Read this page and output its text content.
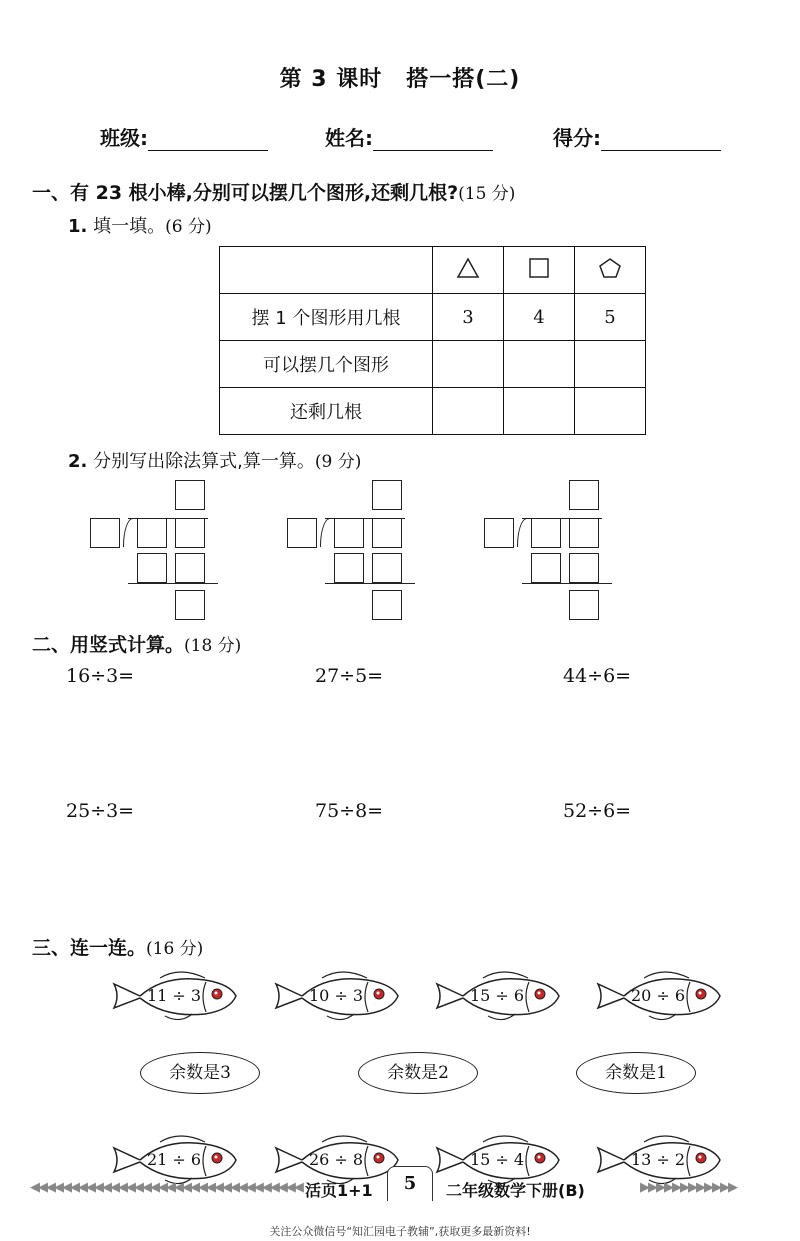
第 3 课时 搭一搭(二)
班级:	姓名:	得分:
一、有 23 根小棒,分别可以摆几个图形,还剩几根?(15 分)
1. 填一填。(6 分)

摆 1 个图形用几根	3	4	5
可以摆几个图形			
还剩几根			
2. 分别写出除法算式,算一算。(9 分)
二、用竖式计算。(18 分)
16÷3=	27÷5=	44÷6=
25÷3=	75÷8=	52÷6=
三、连一连。(16 分)
11 ÷ 3	10 ÷ 3	15 ÷ 6	20 ÷ 6
余数是3	余数是2	余数是1
21 ÷ 6	26 ÷ 8	15 ÷ 4	13 ÷ 2
◀◀◀◀◀◀◀◀◀◀◀◀◀◀◀◀◀◀◀◀◀◀◀◀◀◀◀◀◀◀◀◀◀◀ 活页1+1	5	二年级数学下册(B)	▶▶▶▶▶▶▶▶▶▶▶▶
关注公众微信号“知汇园电子教辅”,获取更多最新资料!
